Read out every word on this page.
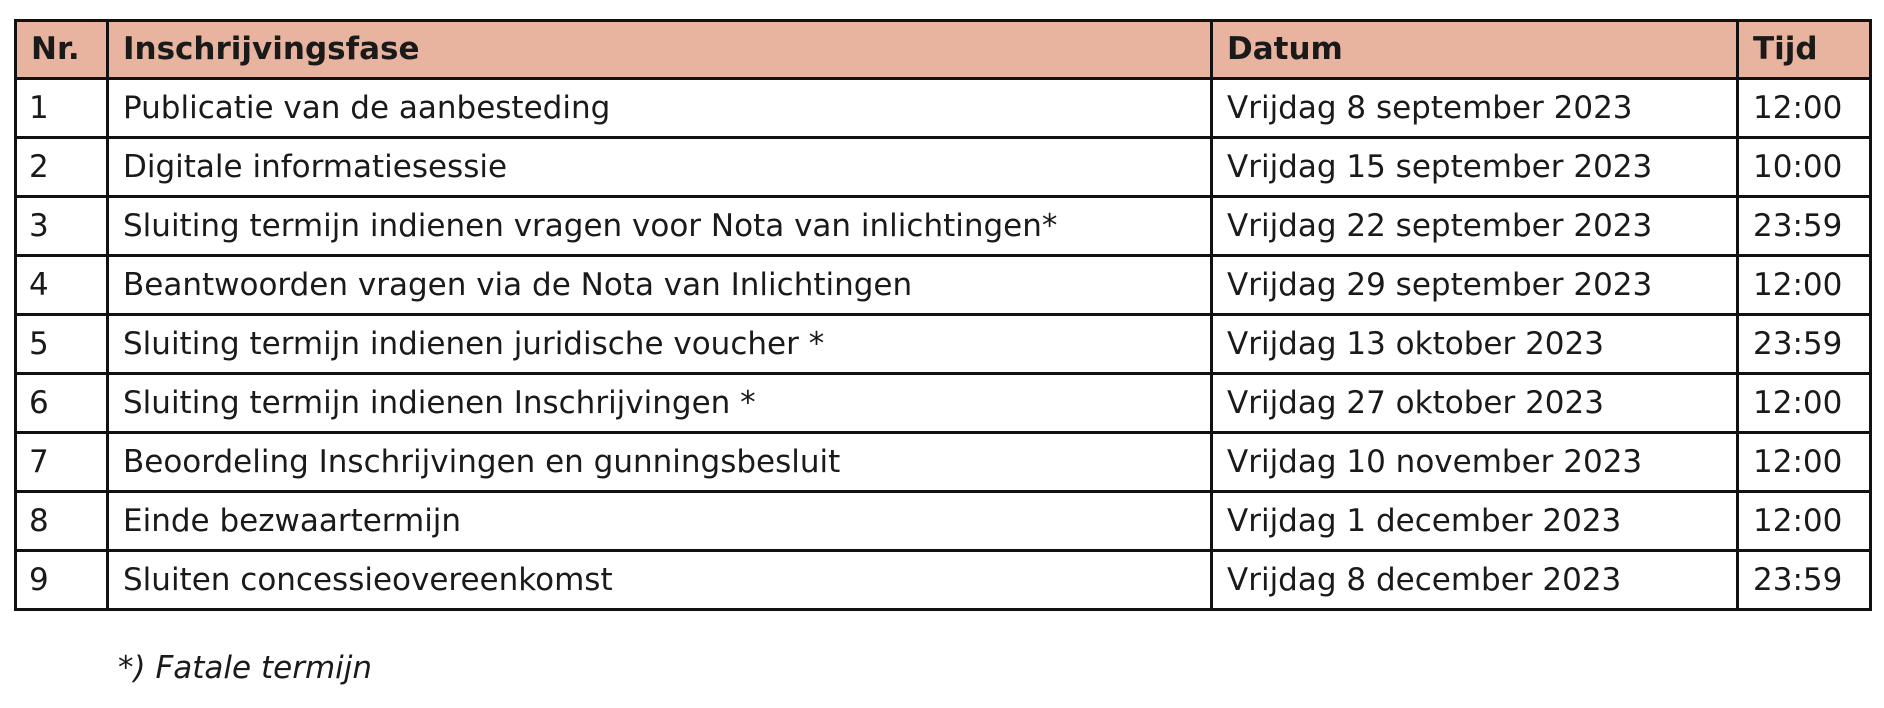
Nr.	Inschrijvingsfase	Datum	Tijd
1	Publicatie van de aanbesteding	Vrijdag 8 september 2023	12:00
2	Digitale informatiesessie	Vrijdag 15 september 2023	10:00
3	Sluiting termijn indienen vragen voor Nota van inlichtingen*	Vrijdag 22 september 2023	23:59
4	Beantwoorden vragen via de Nota van Inlichtingen	Vrijdag 29 september 2023	12:00
5	Sluiting termijn indienen juridische voucher *	Vrijdag 13 oktober 2023	23:59
6	Sluiting termijn indienen Inschrijvingen *	Vrijdag 27 oktober 2023	12:00
7	Beoordeling Inschrijvingen en gunningsbesluit	Vrijdag 10 november 2023	12:00
8	Einde bezwaartermijn	Vrijdag 1 december 2023	12:00
9	Sluiten concessieovereenkomst	Vrijdag 8 december 2023	23:59
*) Fatale termijn
